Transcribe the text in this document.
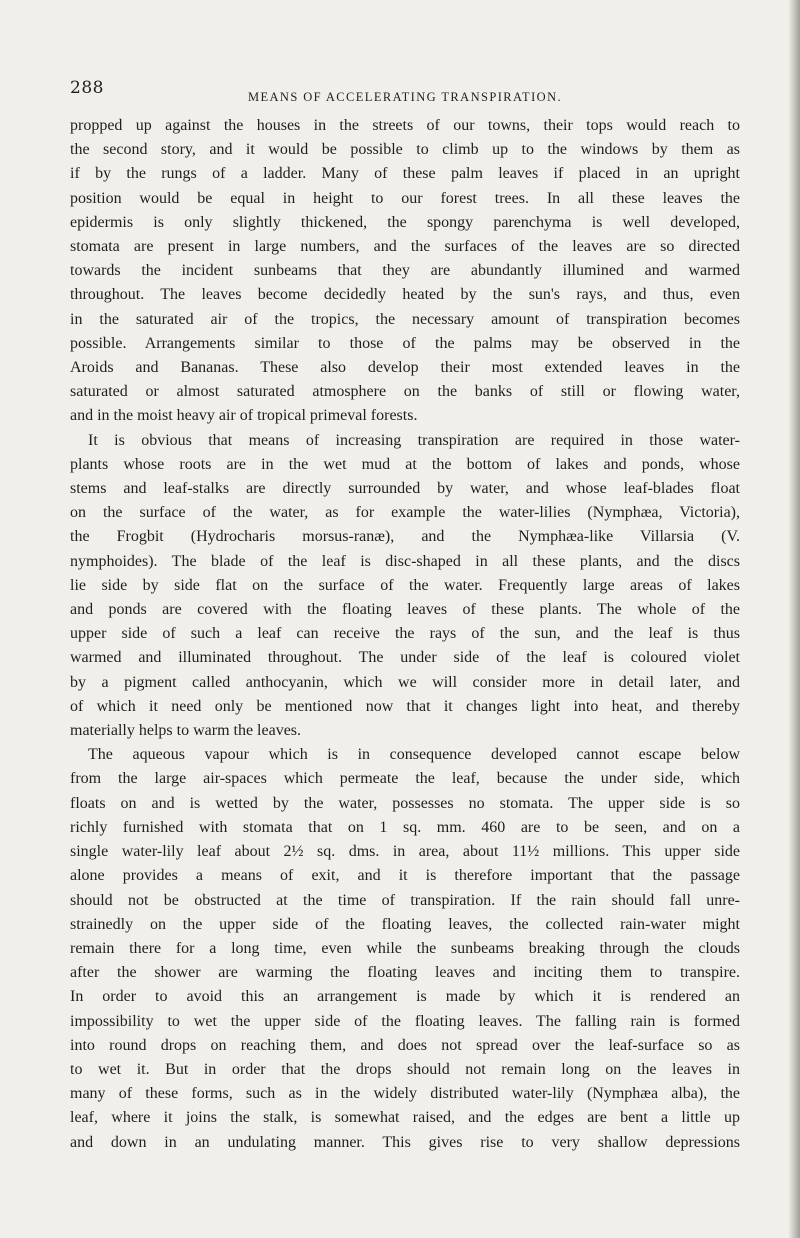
288	MEANS OF ACCELERATING TRANSPIRATION.
propped up against the houses in the streets of our towns, their tops would reach to
the second story, and it would be possible to climb up to the windows by them as
if by the rungs of a ladder. Many of these palm leaves if placed in an upright
position would be equal in height to our forest trees. In all these leaves the
epidermis is only slightly thickened, the spongy parenchyma is well developed,
stomata are present in large numbers, and the surfaces of the leaves are so directed
towards the incident sunbeams that they are abundantly illumined and warmed
throughout. The leaves become decidedly heated by the sun's rays, and thus, even
in the saturated air of the tropics, the necessary amount of transpiration becomes
possible. Arrangements similar to those of the palms may be observed in the
Aroids and Bananas. These also develop their most extended leaves in the
saturated or almost saturated atmosphere on the banks of still or flowing water,
and in the moist heavy air of tropical primeval forests.
It is obvious that means of increasing transpiration are required in those water-
plants whose roots are in the wet mud at the bottom of lakes and ponds, whose
stems and leaf-stalks are directly surrounded by water, and whose leaf-blades float
on the surface of the water, as for example the water-lilies (Nymphæa, Victoria),
the Frogbit (Hydrocharis morsus-ranæ), and the Nymphæa-like Villarsia (V.
nymphoides). The blade of the leaf is disc-shaped in all these plants, and the discs
lie side by side flat on the surface of the water. Frequently large areas of lakes
and ponds are covered with the floating leaves of these plants. The whole of the
upper side of such a leaf can receive the rays of the sun, and the leaf is thus
warmed and illuminated throughout. The under side of the leaf is coloured violet
by a pigment called anthocyanin, which we will consider more in detail later, and
of which it need only be mentioned now that it changes light into heat, and thereby
materially helps to warm the leaves.
The aqueous vapour which is in consequence developed cannot escape below
from the large air-spaces which permeate the leaf, because the under side, which
floats on and is wetted by the water, possesses no stomata. The upper side is so
richly furnished with stomata that on 1 sq. mm. 460 are to be seen, and on a
single water-lily leaf about 2½ sq. dms. in area, about 11½ millions. This upper side
alone provides a means of exit, and it is therefore important that the passage
should not be obstructed at the time of transpiration. If the rain should fall unre-
strainedly on the upper side of the floating leaves, the collected rain-water might
remain there for a long time, even while the sunbeams breaking through the clouds
after the shower are warming the floating leaves and inciting them to transpire.
In order to avoid this an arrangement is made by which it is rendered an
impossibility to wet the upper side of the floating leaves. The falling rain is formed
into round drops on reaching them, and does not spread over the leaf-surface so as
to wet it. But in order that the drops should not remain long on the leaves in
many of these forms, such as in the widely distributed water-lily (Nymphæa alba), the
leaf, where it joins the stalk, is somewhat raised, and the edges are bent a little up
and down in an undulating manner. This gives rise to very shallow depressions
